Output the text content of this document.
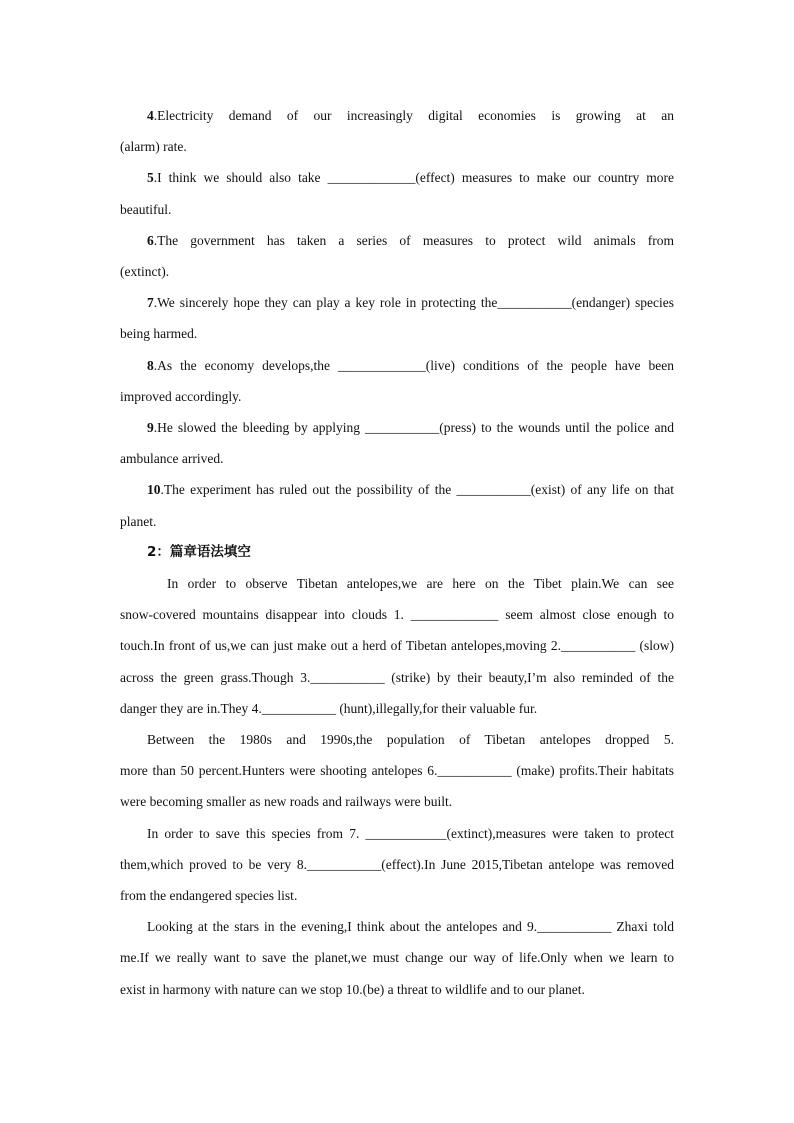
4.Electricity demand of our increasingly digital economies is growing at an
(alarm) rate.
5.I think we should also take _____________(effect) measures to make our country more
beautiful.
6.The government has taken a series of measures to protect wild animals from
(extinct).
7.We sincerely hope they can play a key role in protecting the___________(endanger) species
being harmed.
8.As the economy develops,the _____________(live) conditions of the people have been
improved accordingly.
9.He slowed the bleeding by applying ___________(press) to the wounds until the police and
ambulance arrived.
10.The experiment has ruled out the possibility of the ___________(exist) of any life on that
planet.
2：篇章语法填空
In order to observe Tibetan antelopes,we are here on the Tibet plain.We can see
snow-covered mountains disappear into clouds 1. _____________ seem almost close enough to
touch.In front of us,we can just make out a herd of Tibetan antelopes,moving 2.___________ (slow)
across the green grass.Though 3.___________ (strike) by their beauty,I’m also reminded of the
danger they are in.They 4.___________ (hunt),illegally,for their valuable fur.
Between the 1980s and 1990s,the population of Tibetan antelopes dropped 5.
more than 50 percent.Hunters were shooting antelopes 6.___________ (make) profits.Their habitats
were becoming smaller as new roads and railways were built.
In order to save this species from 7. ____________(extinct),measures were taken to protect
them,which proved to be very 8.___________(effect).In June 2015,Tibetan antelope was removed
from the endangered species list.
Looking at the stars in the evening,I think about the antelopes and 9.___________ Zhaxi told
me.If we really want to save the planet,we must change our way of life.Only when we learn to
exist in harmony with nature can we stop 10.(be) a threat to wildlife and to our planet.
